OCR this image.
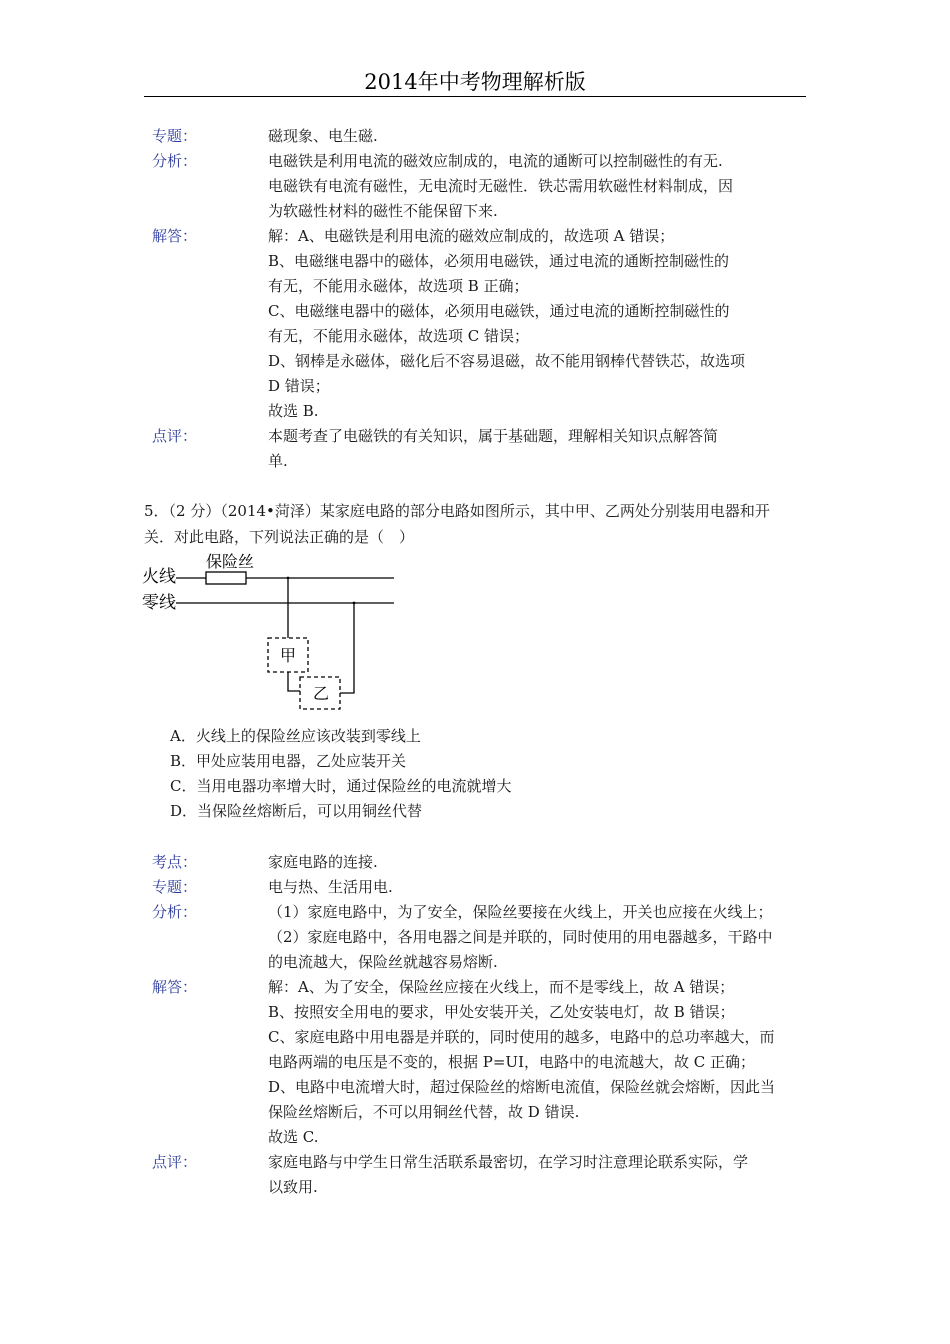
2014年中考物理解析版
专题：	磁现象、电生磁.
分析：	电磁铁是利用电流的磁效应制成的，电流的通断可以控制磁性的有无.
电磁铁有电流有磁性，无电流时无磁性．铁芯需用软磁性材料制成，因
为软磁性材料的磁性不能保留下来.
解答：	解：A、电磁铁是利用电流的磁效应制成的，故选项 A 错误；
B、电磁继电器中的磁体，必须用电磁铁，通过电流的通断控制磁性的
有无，不能用永磁体，故选项 B 正确；
C、电磁继电器中的磁体，必须用电磁铁，通过电流的通断控制磁性的
有无，不能用永磁体，故选项 C 错误；
D、钢棒是永磁体，磁化后不容易退磁，故不能用钢棒代替铁芯，故选项
D 错误；
故选 B.
点评：	本题考查了电磁铁的有关知识，属于基础题，理解相关知识点解答简
单.
5．（2 分）（2014•菏泽）某家庭电路的部分电路如图所示，其中甲、乙两处分别装用电器和开
关．对此电路，下列说法正确的是（　）
火线
零线
保险丝
甲
乙
A．火线上的保险丝应该改装到零线上
B．甲处应装用电器，乙处应装开关
C．当用电器功率增大时，通过保险丝的电流就增大
D．当保险丝熔断后，可以用铜丝代替
考点：	家庭电路的连接.
专题：	电与热、生活用电.
分析：	（1）家庭电路中，为了安全，保险丝要接在火线上，开关也应接在火线上；
（2）家庭电路中，各用电器之间是并联的，同时使用的用电器越多，干路中
的电流越大，保险丝就越容易熔断.
解答：	解：A、为了安全，保险丝应接在火线上，而不是零线上，故 A 错误；
B、按照安全用电的要求，甲处安装开关，乙处安装电灯，故 B 错误；
C、家庭电路中用电器是并联的，同时使用的越多，电路中的总功率越大，而
电路两端的电压是不变的，根据 P=UI，电路中的电流越大，故 C 正确；
D、电路中电流增大时，超过保险丝的熔断电流值，保险丝就会熔断，因此当
保险丝熔断后，不可以用铜丝代替，故 D 错误.
故选 C.
点评：	家庭电路与中学生日常生活联系最密切，在学习时注意理论联系实际，学
以致用.
